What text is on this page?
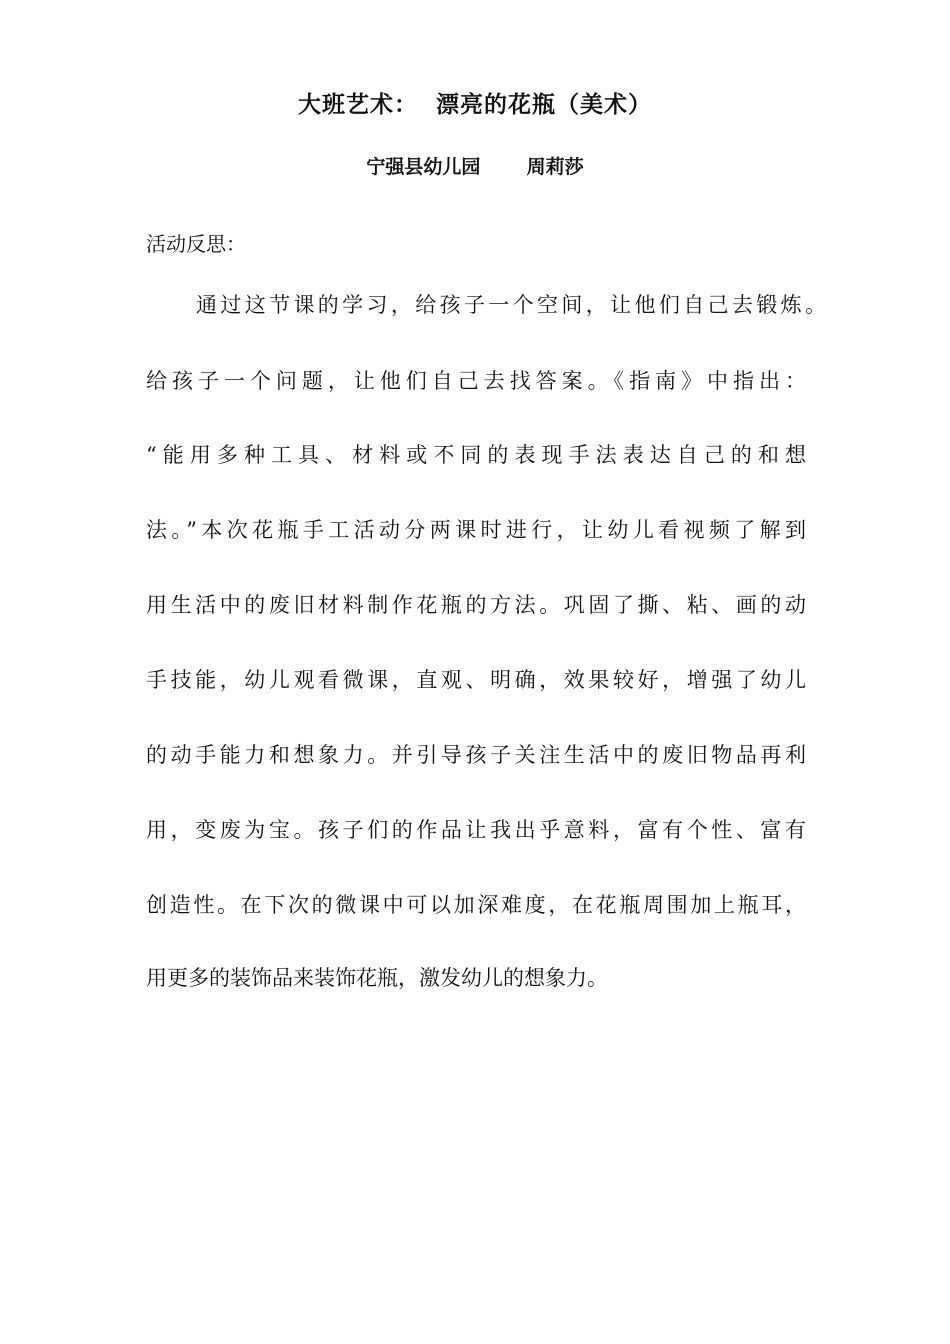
大班艺术：  漂亮的花瓶（美术）
宁强县幼儿园       周莉莎
活动反思：
通过这节课的学习，给孩子一个空间，让他们自己去锻炼。
给孩子一个问题，让他们自己去找答案。《指南》中指出：
“能用多种工具、材料或不同的表现手法表达自己的和想
法。”本次花瓶手工活动分两课时进行，让幼儿看视频了解到
用生活中的废旧材料制作花瓶的方法。巩固了撕、粘、画的动
手技能，幼儿观看微课，直观、明确，效果较好，增强了幼儿
的动手能力和想象力。并引导孩子关注生活中的废旧物品再利
用，变废为宝。孩子们的作品让我出乎意料，富有个性、富有
创造性。在下次的微课中可以加深难度，在花瓶周围加上瓶耳，
用更多的装饰品来装饰花瓶，激发幼儿的想象力。
